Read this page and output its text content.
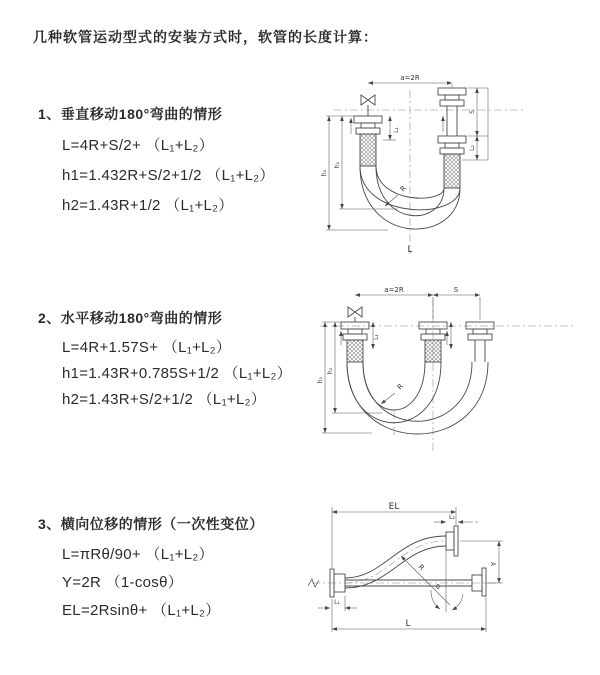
几种软管运动型式的安装方式时，软管的长度计算：
1、垂直移动180°弯曲的情形
L=4R+S/2+ （L₁+L₂）
h1=1.432R+S/2+1/2 （L₁+L₂）
h2=1.43R+1/2 （L₁+L₂）
a=2R
L₁
S
L₂
h₁
h₂
R
L
2、水平移动180°弯曲的情形
L=4R+1.57S+ （L₁+L₂）
h1=1.43R+0.785S+1/2 （L₁+L₂）
h2=1.43R+S/2+1/2 （L₁+L₂）
a=2R	S
L₁
h₁
h₂
R
3、横向位移的情形（一次性变位）
L=πRθ/90+ （L₁+L₂）
Y=2R （1-cosθ）
EL=2Rsinθ+ （L₁+L₂）
EL
L₂
Y
L
L₁
R
θ
